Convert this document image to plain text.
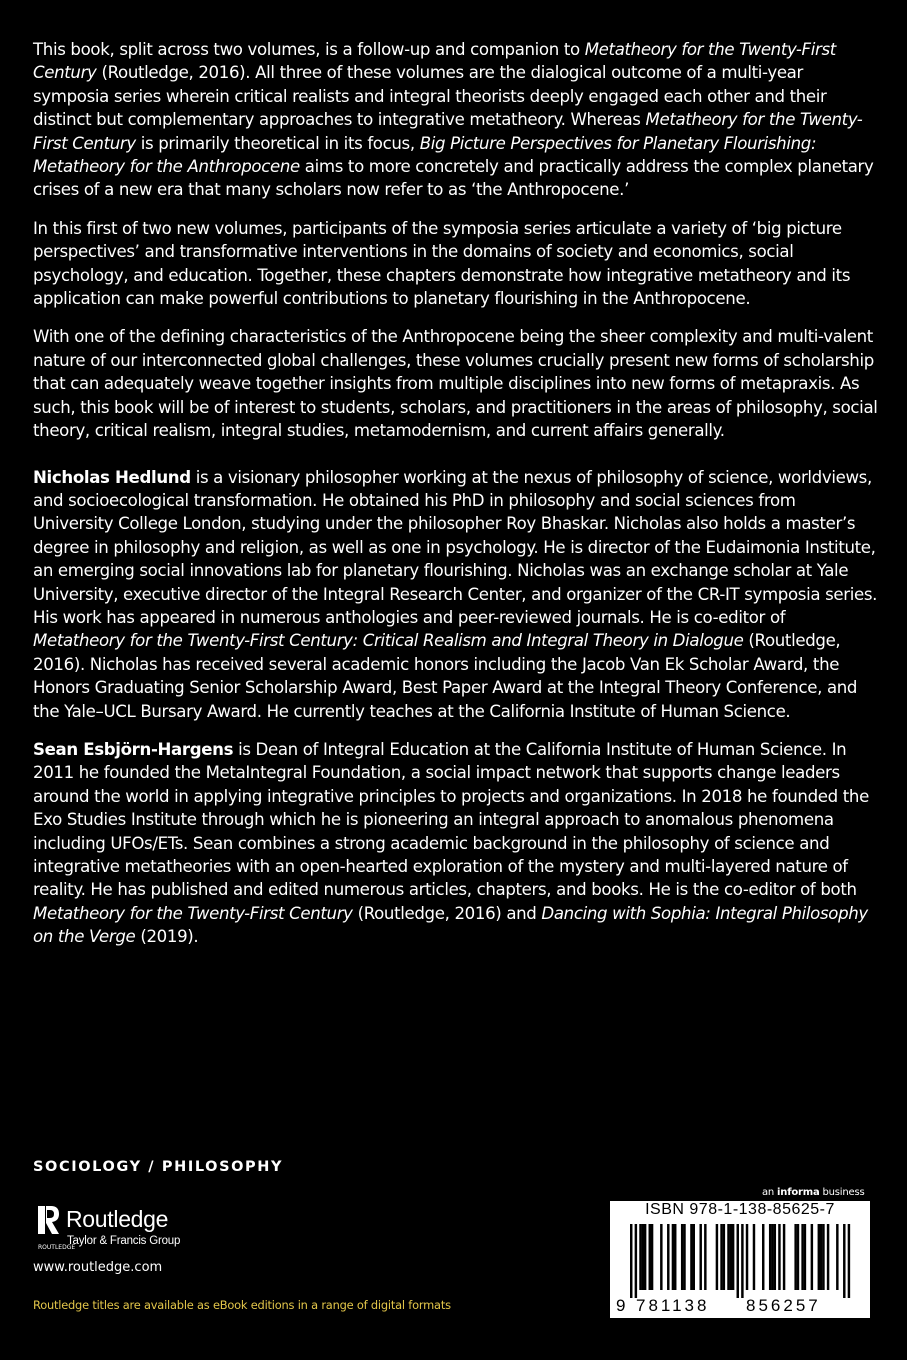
This book, split across two volumes, is a follow-up and companion to Metatheory for the Twenty-First Century (Routledge, 2016). All three of these volumes are the dialogical outcome of a multi-year symposia series wherein critical realists and integral theorists deeply engaged each other and their distinct but complementary approaches to integrative metatheory. Whereas Metatheory for the Twenty-First Century is primarily theoretical in its focus, Big Picture Perspectives for Planetary Flourishing: Metatheory for the Anthropocene aims to more concretely and practically address the complex planetary crises of a new era that many scholars now refer to as ‘the Anthropocene.’

In this first of two new volumes, participants of the symposia series articulate a variety of ‘big picture perspectives’ and transformative interventions in the domains of society and economics, social psychology, and education. Together, these chapters demonstrate how integrative metatheory and its application can make powerful contributions to planetary flourishing in the Anthropocene.

With one of the defining characteristics of the Anthropocene being the sheer complexity and multi-valent nature of our interconnected global challenges, these volumes crucially present new forms of scholarship that can adequately weave together insights from multiple disciplines into new forms of metapraxis. As such, this book will be of interest to students, scholars, and practitioners in the areas of philosophy, social theory, critical realism, integral studies, metamodernism, and current affairs generally.

Nicholas Hedlund is a visionary philosopher working at the nexus of philosophy of science, worldviews, and socioecological transformation. He obtained his PhD in philosophy and social sciences from University College London, studying under the philosopher Roy Bhaskar. Nicholas also holds a master’s degree in philosophy and religion, as well as one in psychology. He is director of the Eudaimonia Institute, an emerging social innovations lab for planetary flourishing. Nicholas was an exchange scholar at Yale University, executive director of the Integral Research Center, and organizer of the CR-IT symposia series. His work has appeared in numerous anthologies and peer-reviewed journals. He is co-editor of Metatheory for the Twenty-First Century: Critical Realism and Integral Theory in Dialogue (Routledge, 2016). Nicholas has received several academic honors including the Jacob Van Ek Scholar Award, the Honors Graduating Senior Scholarship Award, Best Paper Award at the Integral Theory Conference, and the Yale–UCL Bursary Award. He currently teaches at the California Institute of Human Science.

Sean Esbjörn-Hargens is Dean of Integral Education at the California Institute of Human Science. In 2011 he founded the MetaIntegral Foundation, a social impact network that supports change leaders around the world in applying integrative principles to projects and organizations. In 2018 he founded the Exo Studies Institute through which he is pioneering an integral approach to anomalous phenomena including UFOs/ETs. Sean combines a strong academic background in the philosophy of science and integrative metatheories with an open-hearted exploration of the mystery and multi-layered nature of reality. He has published and edited numerous articles, chapters, and books. He is the co-editor of both Metatheory for the Twenty-First Century (Routledge, 2016) and Dancing with Sophia: Integral Philosophy on the Verge (2019).

SOCIOLOGY / PHILOSOPHY
ROUTLEDGE
Routledge
Taylor & Francis Group
www.routledge.com
Routledge titles are available as eBook editions in a range of digital formats
an informa business
ISBN 978-1-138-85625-7
9 781138 856257
